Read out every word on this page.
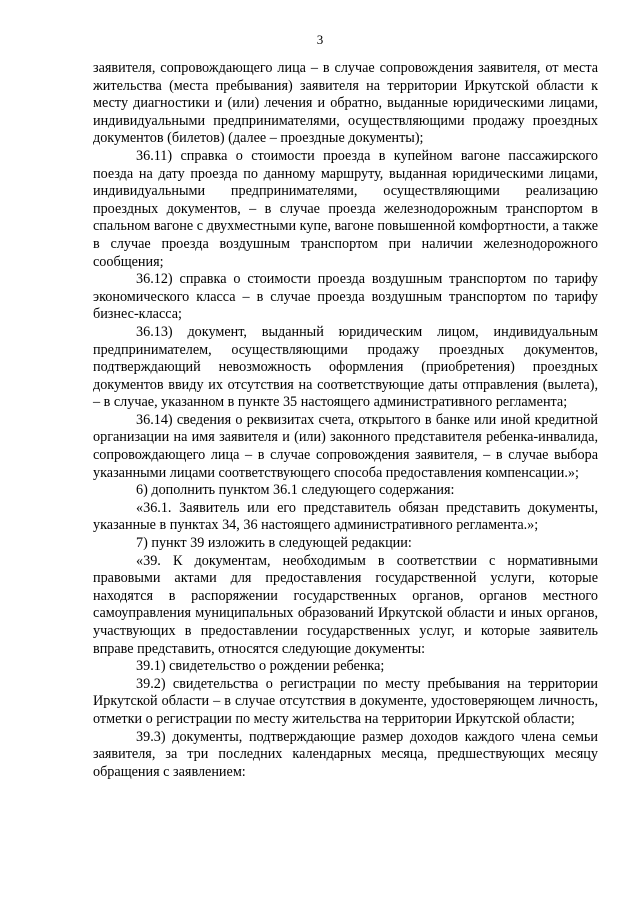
3

заявителя, сопровождающего лица – в случае сопровождения заявителя, от места жительства (места пребывания) заявителя на территории Иркутской области к месту диагностики и (или) лечения и обратно, выданные юридическими лицами, индивидуальными предпринимателями, осуществляющими продажу проездных документов (билетов) (далее – проездные документы);

36.11) справка о стоимости проезда в купейном вагоне пассажирского поезда на дату проезда по данному маршруту, выданная юридическими лицами, индивидуальными предпринимателями, осуществляющими реализацию проездных документов, – в случае проезда железнодорожным транспортом в спальном вагоне с двухместными купе, вагоне повышенной комфортности, а также в случае проезда воздушным транспортом при наличии железнодорожного сообщения;

36.12) справка о стоимости проезда воздушным транспортом по тарифу экономического класса – в случае проезда воздушным транспортом по тарифу бизнес-класса;

36.13) документ, выданный юридическим лицом, индивидуальным предпринимателем, осуществляющими продажу проездных документов, подтверждающий невозможность оформления (приобретения) проездных документов ввиду их отсутствия на соответствующие даты отправления (вылета), – в случае, указанном в пункте 35 настоящего административного регламента;

36.14) сведения о реквизитах счета, открытого в банке или иной кредитной организации на имя заявителя и (или) законного представителя ребенка-инвалида, сопровождающего лица – в случае сопровождения заявителя, – в случае выбора указанными лицами соответствующего способа предоставления компенсации.»;

6) дополнить пунктом 36.1 следующего содержания:

«36.1. Заявитель или его представитель обязан представить документы, указанные в пунктах 34, 36 настоящего административного регламента.»;

7) пункт 39 изложить в следующей редакции:

«39. К документам, необходимым в соответствии с нормативными правовыми актами для предоставления государственной услуги, которые находятся в распоряжении государственных органов, органов местного самоуправления муниципальных образований Иркутской области и иных органов, участвующих в предоставлении государственных услуг, и которые заявитель вправе представить, относятся следующие документы:

39.1) свидетельство о рождении ребенка;

39.2) свидетельства о регистрации по месту пребывания на территории Иркутской области – в случае отсутствия в документе, удостоверяющем личность, отметки о регистрации по месту жительства на территории Иркутской области;

39.3) документы, подтверждающие размер доходов каждого члена семьи заявителя, за три последних календарных месяца, предшествующих месяцу обращения с заявлением:
